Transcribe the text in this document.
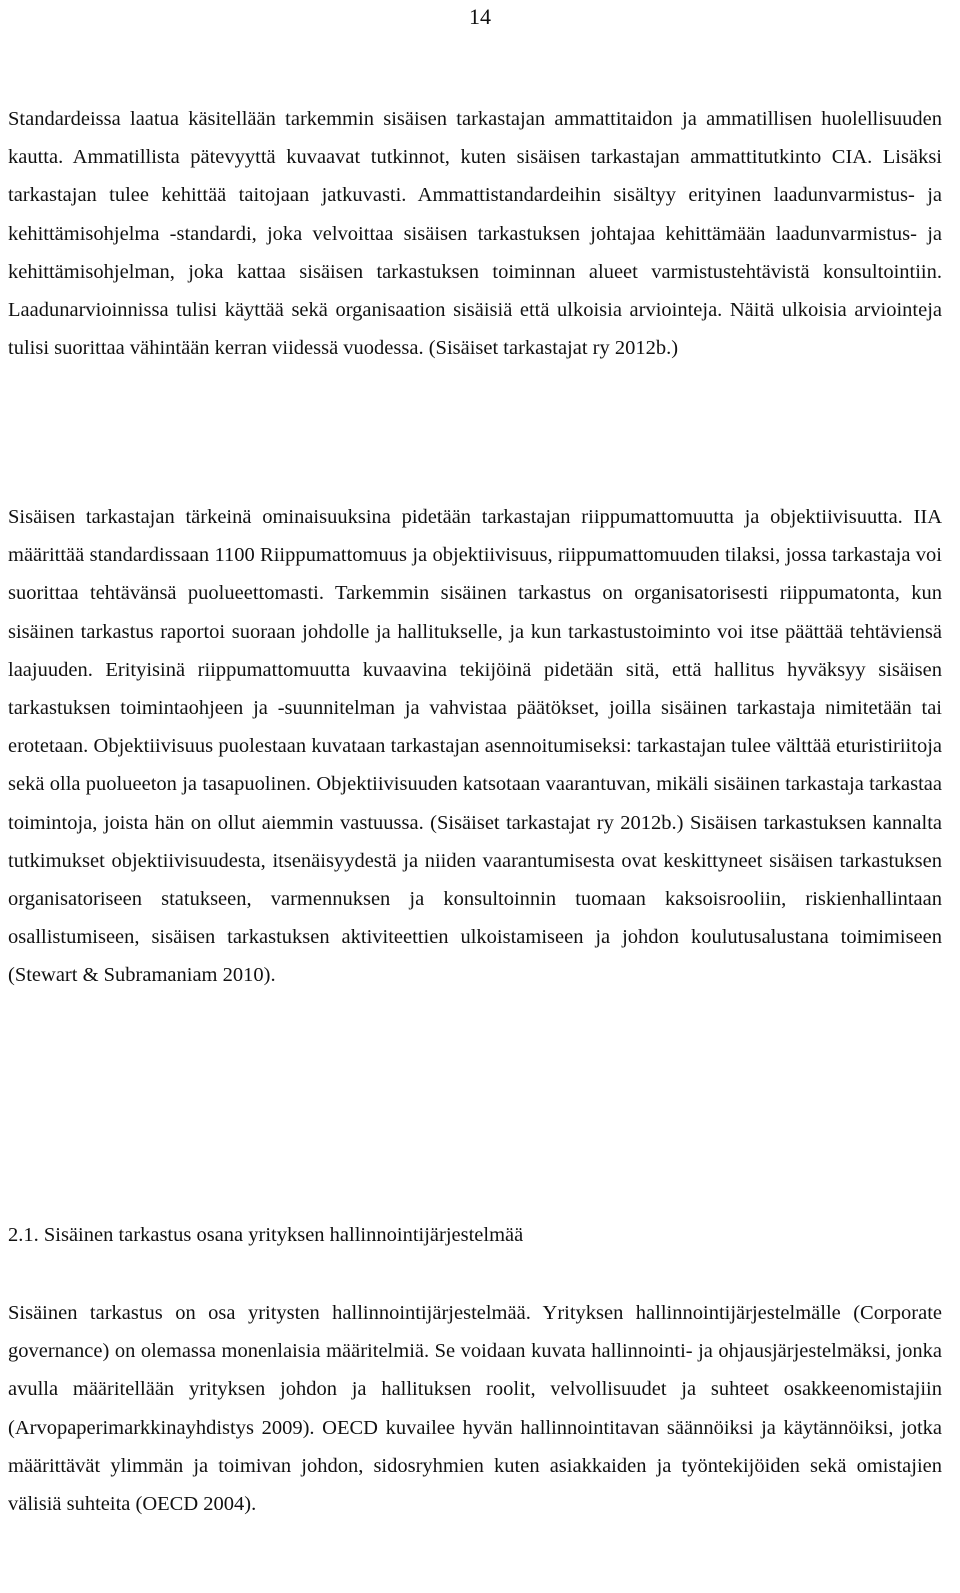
14

Standardeissa laatua käsitellään tarkemmin sisäisen tarkastajan ammattitaidon ja ammatillisen huolellisuuden kautta. Ammatillista pätevyyttä kuvaavat tutkinnot, kuten sisäisen tarkastajan ammattitutkinto CIA. Lisäksi tarkastajan tulee kehittää taitojaan jatkuvasti. Ammattistandardeihin sisältyy erityinen laadunvarmistus- ja kehittämisohjelma -standardi, joka velvoittaa sisäisen tarkastuksen johtajaa kehittämään laadunvarmistus- ja kehittämisohjelman, joka kattaa sisäisen tarkastuksen toiminnan alueet varmistustehtävistä konsultointiin. Laadunarvioinnissa tulisi käyttää sekä organisaation sisäisiä että ulkoisia arviointeja. Näitä ulkoisia arviointeja tulisi suorittaa vähintään kerran viidessä vuodessa. (Sisäiset tarkastajat ry 2012b.)

Sisäisen tarkastajan tärkeinä ominaisuuksina pidetään tarkastajan riippumattomuutta ja objektiivisuutta. IIA määrittää standardissaan 1100 Riippumattomuus ja objektiivisuus, riippumattomuuden tilaksi, jossa tarkastaja voi suorittaa tehtävänsä puolueettomasti. Tarkemmin sisäinen tarkastus on organisatorisesti riippumatonta, kun sisäinen tarkastus raportoi suoraan johdolle ja hallitukselle, ja kun tarkastustoiminto voi itse päättää tehtäviensä laajuuden. Erityisinä riippumattomuutta kuvaavina tekijöinä pidetään sitä, että hallitus hyväksyy sisäisen tarkastuksen toimintaohjeen ja -suunnitelman ja vahvistaa päätökset, joilla sisäinen tarkastaja nimitetään tai erotetaan. Objektiivisuus puolestaan kuvataan tarkastajan asennoitumiseksi: tarkastajan tulee välttää eturistiriitoja sekä olla puolueeton ja tasapuolinen. Objektiivisuuden katsotaan vaarantuvan, mikäli sisäinen tarkastaja tarkastaa toimintoja, joista hän on ollut aiemmin vastuussa. (Sisäiset tarkastajat ry 2012b.) Sisäisen tarkastuksen kannalta tutkimukset objektiivisuudesta, itsenäisyydestä ja niiden vaarantumisesta ovat keskittyneet sisäisen tarkastuksen organisatoriseen statukseen, varmennuksen ja konsultoinnin tuomaan kaksoisrooliin, riskienhallintaan osallistumiseen, sisäisen tarkastuksen aktiviteettien ulkoistamiseen ja johdon koulutusalustana toimimiseen (Stewart & Subramaniam 2010).

2.1. Sisäinen tarkastus osana yrityksen hallinnointijärjestelmää

Sisäinen tarkastus on osa yritysten hallinnointijärjestelmää. Yrityksen hallinnointijärjestelmälle (Corporate governance) on olemassa monenlaisia määritelmiä. Se voidaan kuvata hallinnointi- ja ohjausjärjestelmäksi, jonka avulla määritellään yrityksen johdon ja hallituksen roolit, velvollisuudet ja suhteet osakkeenomistajiin (Arvopaperimarkkinayhdistys 2009). OECD kuvailee hyvän hallinnointitavan säännöiksi ja käytännöiksi, jotka määrittävät ylimmän ja toimivan johdon, sidosryhmien kuten asiakkaiden ja työntekijöiden sekä omistajien välisiä suhteita (OECD 2004).
